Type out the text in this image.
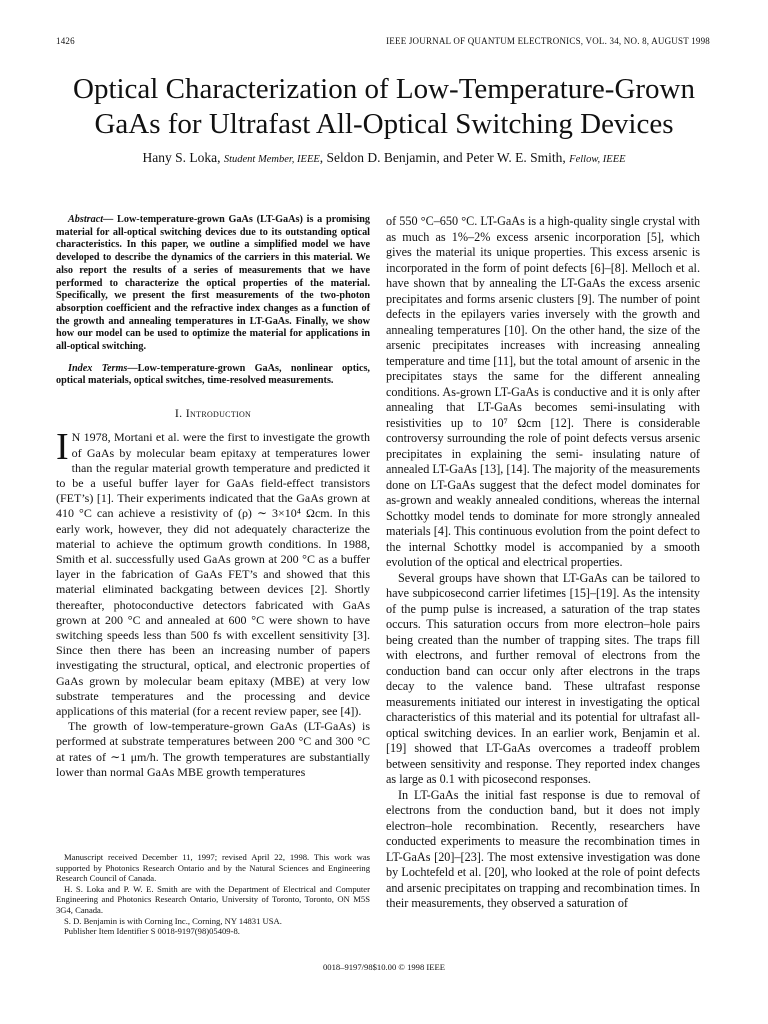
1426	IEEE JOURNAL OF QUANTUM ELECTRONICS, VOL. 34, NO. 8, AUGUST 1998
Optical Characterization of Low-Temperature-Grown
GaAs for Ultrafast All-Optical Switching Devices
Hany S. Loka, Student Member, IEEE, Seldon D. Benjamin, and Peter W. E. Smith, Fellow, IEEE

Abstract— Low-temperature-grown GaAs (LT-GaAs) is a promising material for all-optical switching devices due to its outstanding optical characteristics. In this paper, we outline a simplified model we have developed to describe the dynamics of the carriers in this material. We also report the results of a series of measurements that we have performed to characterize the optical properties of the material. Specifically, we present the first measurements of the two-photon absorption coefficient and the refractive index changes as a function of the growth and annealing temperatures in LT-GaAs. Finally, we show how our model can be used to optimize the material for applications in all-optical switching.

Index Terms—Low-temperature-grown GaAs, nonlinear optics, optical materials, optical switches, time-resolved measurements.

I. Introduction

I N 1978, Mortani et al. were the first to investigate the growth of GaAs by molecular beam epitaxy at temperatures lower than the regular material growth temperature and predicted it to be a useful buffer layer for GaAs field-effect transistors (FET’s) [1]. Their experiments indicated that the GaAs grown at 410 °C can achieve a resistivity of (ρ) ∼ 3×10⁴ Ωcm. In this early work, however, they did not adequately characterize the material to achieve the optimum growth conditions. In 1988, Smith et al. successfully used GaAs grown at 200 °C as a buffer layer in the fabrication of GaAs FET’s and showed that this material eliminated backgating between devices [2]. Shortly thereafter, photoconductive detectors fabricated with GaAs grown at 200 °C and annealed at 600 °C were shown to have switching speeds less than 500 fs with excellent sensitivity [3]. Since then there has been an increasing number of papers investigating the structural, optical, and electronic properties of GaAs grown by molecular beam epitaxy (MBE) at very low substrate temperatures and the processing and device applications of this material (for a recent review paper, see [4]).

The growth of low-temperature-grown GaAs (LT-GaAs) is performed at substrate temperatures between 200 °C and 300 °C at rates of ∼1 μm/h. The growth temperatures are substantially lower than normal GaAs MBE growth temperatures

of 550 °C–650 °C. LT-GaAs is a high-quality single crystal with as much as 1%–2% excess arsenic incorporation [5], which gives the material its unique properties. This excess arsenic is incorporated in the form of point defects [6]–[8]. Melloch et al. have shown that by annealing the LT-GaAs the excess arsenic precipitates and forms arsenic clusters [9]. The number of point defects in the epilayers varies inversely with the growth and annealing temperatures [10]. On the other hand, the size of the arsenic precipitates increases with increasing annealing temperature and time [11], but the total amount of arsenic in the precipitates stays the same for the different annealing conditions. As-grown LT-GaAs is conductive and it is only after annealing that LT-GaAs becomes semi-insulating with resistivities up to 10⁷ Ωcm [12]. There is considerable controversy surrounding the role of point defects versus arsenic precipitates in explaining the semi- insulating nature of annealed LT-GaAs [13], [14]. The majority of the measurements done on LT-GaAs suggest that the defect model dominates for as-grown and weakly annealed conditions, whereas the internal Schottky model tends to dominate for more strongly annealed materials [4]. This continuous evolution from the point defect to the internal Schottky model is accompanied by a smooth evolution of the optical and electrical properties.

Several groups have shown that LT-GaAs can be tailored to have subpicosecond carrier lifetimes [15]–[19]. As the intensity of the pump pulse is increased, a saturation of the trap states occurs. This saturation occurs from more electron–hole pairs being created than the number of trapping sites. The traps fill with electrons, and further removal of electrons from the conduction band can occur only after electrons in the traps decay to the valence band. These ultrafast response measurements initiated our interest in investigating the optical characteristics of this material and its potential for ultrafast all-optical switching devices. In an earlier work, Benjamin et al. [19] showed that LT-GaAs overcomes a tradeoff problem between sensitivity and response. They reported index changes as large as 0.1 with picosecond responses.

In LT-GaAs the initial fast response is due to removal of electrons from the conduction band, but it does not imply electron–hole recombination. Recently, researchers have conducted experiments to measure the recombination times in LT-GaAs [20]–[23]. The most extensive investigation was done by Lochtefeld et al. [20], who looked at the role of point defects and arsenic precipitates on trapping and recombination times. In their measurements, they observed a saturation of

Manuscript received December 11, 1997; revised April 22, 1998. This work was supported by Photonics Research Ontario and by the Natural Sciences and Engineering Research Council of Canada.

H. S. Loka and P. W. E. Smith are with the Department of Electrical and Computer Engineering and Photonics Research Ontario, University of Toronto, Toronto, ON M5S 3G4, Canada.

S. D. Benjamin is with Corning Inc., Corning, NY 14831 USA.

Publisher Item Identifier S 0018-9197(98)05409-8.

0018–9197/98$10.00 © 1998 IEEE
